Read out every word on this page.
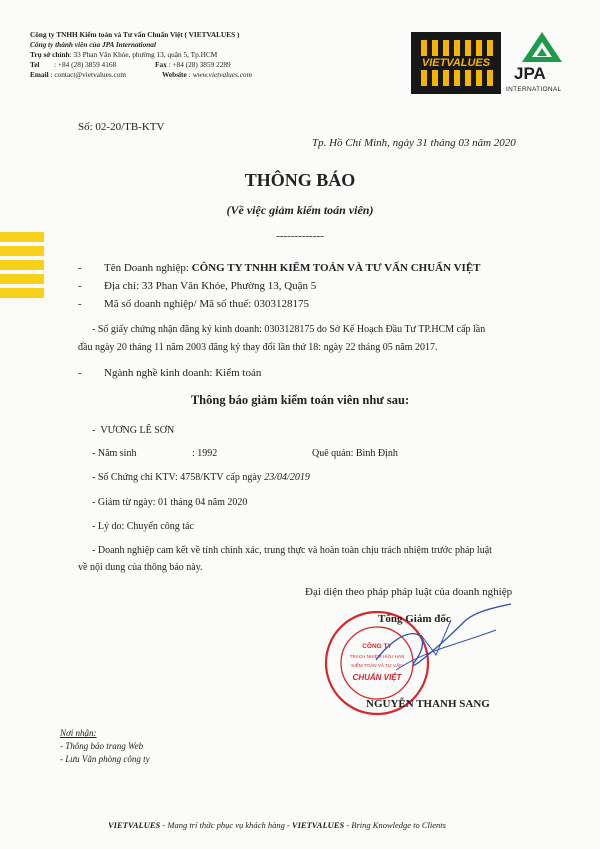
Công ty TNHH Kiểm toán và Tư vấn Chuẩn Việt ( VIETVALUES )
Công ty thành viên của JPA International
Trụ sở chính: 33 Phan Văn Khỏe, phường 13, quận 5, Tp.HCM
Tel : +84 (28) 3859 4168	Fax : +84 (28) 3859 2289
Email : contact@vietvalues.com	Website : www.vietvalues.com
VIETVALUES
JPA
INTERNATIONAL
Số: 02-20/TB-KTV
Tp. Hồ Chí Minh, ngày 31 tháng 03 năm 2020
THÔNG BÁO
(Về việc giảm kiểm toán viên)
-------------
- Tên Doanh nghiệp: CÔNG TY TNHH KIỂM TOÁN VÀ TƯ VẤN CHUẨN VIỆT
- Địa chỉ: 33 Phan Văn Khỏe, Phường 13, Quận 5
- Mã số doanh nghiệp/ Mã số thuế: 0303128175
- Số giấy chứng nhận đăng ký kinh doanh: 0303128175 do Sở Kế Hoạch Đầu Tư TP.HCM cấp lần
đầu ngày 20 tháng 11 năm 2003 đăng ký thay đổi lần thứ 18: ngày 22 tháng 05 năm 2017.
- Ngành nghề kinh doanh: Kiểm toán
Thông báo giảm kiểm toán viên như sau:
-  VƯƠNG LÊ SƠN
- Năm sinh	: 1992	Quê quán: Bình Định
- Số Chứng chỉ KTV: 4758/KTV cấp ngày 23/04/2019
- Giảm từ ngày: 01 tháng 04 năm 2020
- Lý do: Chuyển công tác
- Doanh nghiệp cam kết về tính chính xác, trung thực và hoàn toàn chịu trách nhiệm trước pháp luật
về nội dung của thông báo này.
Đại diện theo pháp pháp luật của doanh nghiệp
CÔNG TY
TRÁCH NHIỆM HỮU HẠN
KIỂM TOÁN VÀ TƯ VẤN
CHUẨN VIỆT
Tổng Giám đốc
NGUYỄN THANH SANG
Nơi nhận:
- Thông báo trang Web
- Lưu Văn phòng công ty
VIETVALUES - Mang trí thức phục vụ khách hàng - VIETVALUES - Bring Knowledge to Clients
